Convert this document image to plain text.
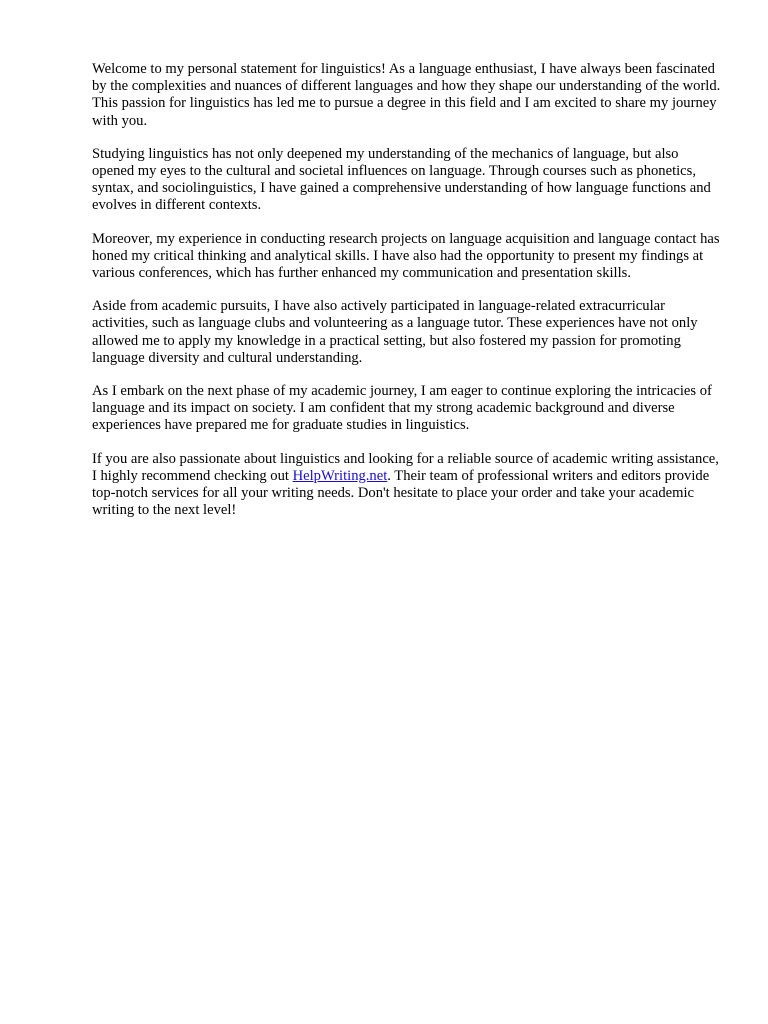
Welcome to my personal statement for linguistics! As a language enthusiast, I have always been fascinated by the complexities and nuances of different languages and how they shape our understanding of the world. This passion for linguistics has led me to pursue a degree in this field and I am excited to share my journey with you.

Studying linguistics has not only deepened my understanding of the mechanics of language, but also opened my eyes to the cultural and societal influences on language. Through courses such as phonetics, syntax, and sociolinguistics, I have gained a comprehensive understanding of how language functions and evolves in different contexts.

Moreover, my experience in conducting research projects on language acquisition and language contact has honed my critical thinking and analytical skills. I have also had the opportunity to present my findings at various conferences, which has further enhanced my communication and presentation skills.

Aside from academic pursuits, I have also actively participated in language-related extracurricular activities, such as language clubs and volunteering as a language tutor. These experiences have not only allowed me to apply my knowledge in a practical setting, but also fostered my passion for promoting language diversity and cultural understanding.

As I embark on the next phase of my academic journey, I am eager to continue exploring the intricacies of language and its impact on society. I am confident that my strong academic background and diverse experiences have prepared me for graduate studies in linguistics.

If you are also passionate about linguistics and looking for a reliable source of academic writing assistance, I highly recommend checking out HelpWriting.net. Their team of professional writers and editors provide top-notch services for all your writing needs. Don't hesitate to place your order and take your academic writing to the next level!
